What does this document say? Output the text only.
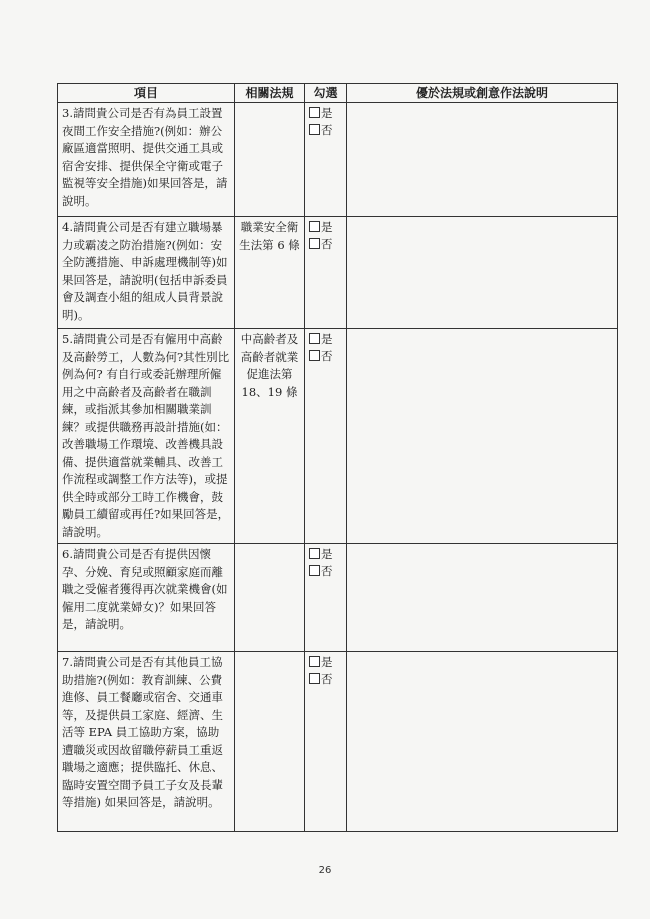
項目	相關法規	勾選	優於法規或創意作法說明
3.請問貴公司是否有為員工設置夜間工作安全措施?(例如：辦公廠區適當照明、提供交通工具或宿舍安排、提供保全守衛或電子監視等安全措施)如果回答是，請說明。		是
否	

4.請問貴公司是否有建立職場暴力或霸凌之防治措施?(例如：安全防護措施、申訴處理機制等)如果回答是，請說明(包括申訴委員會及調查小組的組成人員背景說明)。	職業安全衛生法第 6 條	是
否	

5.請問貴公司是否有僱用中高齡及高齡勞工，人數為何?其性別比例為何? 有自行或委託辦理所僱用之中高齡者及高齡者在職訓練，或指派其參加相關職業訓練？或提供職務再設計措施(如：改善職場工作環境、改善機具設備、提供適當就業輔具、改善工作流程或調整工作方法等)，或提供全時或部分工時工作機會，鼓勵員工續留或再任?如果回答是，請說明。	中高齡者及高齡者就業促進法第 18、19 條	是
否	

6.請問貴公司是否有提供因懷孕、分娩、育兒或照顧家庭而離職之受僱者獲得再次就業機會(如僱用二度就業婦女)？如果回答是，請說明。		是
否	

7.請問貴公司是否有其他員工協助措施?(例如：教育訓練、公費進修、員工餐廳或宿舍、交通車等，及提供員工家庭、經濟、生活等 EPA 員工協助方案，協助遭職災或因故留職停薪員工重返職場之適應；提供臨托、休息、臨時安置空間予員工子女及長輩等措施) 如果回答是，請說明。		是
否	

26
